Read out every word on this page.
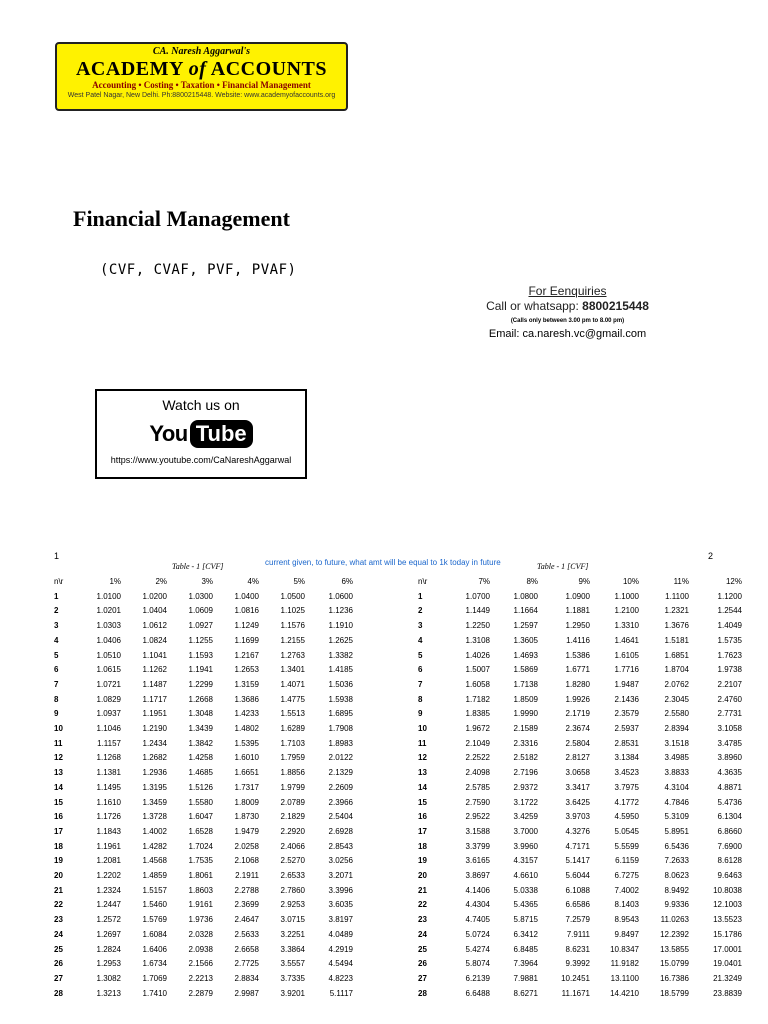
CA. Naresh Aggarwal's
ACADEMY of ACCOUNTS
Accounting • Costing • Taxation • Financial Management
West Patel Nagar, New Delhi. Ph:8800215448. Website: www.academyofaccounts.org
Financial Management
(CVF, CVAF, PVF, PVAF)
For Eenquiries
Call or whatsapp: 8800215448
(Calls only between 3.00 pm to 8.00 pm)
Email: ca.naresh.vc@gmail.com
Watch us on
You Tube
https://www.youtube.com/CaNareshAggarwal
1	2
Table - 1 [CVF]	Table - 1 [CVF]
current given, to future, what amt will be equal to 1k today in future
n\r	1%	2%	3%	4%	5%	6%
1	1.0100	1.0200	1.0300	1.0400	1.0500	1.0600
2	1.0201	1.0404	1.0609	1.0816	1.1025	1.1236
3	1.0303	1.0612	1.0927	1.1249	1.1576	1.1910
4	1.0406	1.0824	1.1255	1.1699	1.2155	1.2625
5	1.0510	1.1041	1.1593	1.2167	1.2763	1.3382
6	1.0615	1.1262	1.1941	1.2653	1.3401	1.4185
7	1.0721	1.1487	1.2299	1.3159	1.4071	1.5036
8	1.0829	1.1717	1.2668	1.3686	1.4775	1.5938
9	1.0937	1.1951	1.3048	1.4233	1.5513	1.6895
10	1.1046	1.2190	1.3439	1.4802	1.6289	1.7908
11	1.1157	1.2434	1.3842	1.5395	1.7103	1.8983
12	1.1268	1.2682	1.4258	1.6010	1.7959	2.0122
13	1.1381	1.2936	1.4685	1.6651	1.8856	2.1329
14	1.1495	1.3195	1.5126	1.7317	1.9799	2.2609
15	1.1610	1.3459	1.5580	1.8009	2.0789	2.3966
16	1.1726	1.3728	1.6047	1.8730	2.1829	2.5404
17	1.1843	1.4002	1.6528	1.9479	2.2920	2.6928
18	1.1961	1.4282	1.7024	2.0258	2.4066	2.8543
19	1.2081	1.4568	1.7535	2.1068	2.5270	3.0256
20	1.2202	1.4859	1.8061	2.1911	2.6533	3.2071
21	1.2324	1.5157	1.8603	2.2788	2.7860	3.3996
22	1.2447	1.5460	1.9161	2.3699	2.9253	3.6035
23	1.2572	1.5769	1.9736	2.4647	3.0715	3.8197
24	1.2697	1.6084	2.0328	2.5633	3.2251	4.0489
25	1.2824	1.6406	2.0938	2.6658	3.3864	4.2919
26	1.2953	1.6734	2.1566	2.7725	3.5557	4.5494
27	1.3082	1.7069	2.2213	2.8834	3.7335	4.8223
28	1.3213	1.7410	2.2879	2.9987	3.9201	5.1117
n\r	7%	8%	9%	10%	11%	12%
1	1.0700	1.0800	1.0900	1.1000	1.1100	1.1200
2	1.1449	1.1664	1.1881	1.2100	1.2321	1.2544
3	1.2250	1.2597	1.2950	1.3310	1.3676	1.4049
4	1.3108	1.3605	1.4116	1.4641	1.5181	1.5735
5	1.4026	1.4693	1.5386	1.6105	1.6851	1.7623
6	1.5007	1.5869	1.6771	1.7716	1.8704	1.9738
7	1.6058	1.7138	1.8280	1.9487	2.0762	2.2107
8	1.7182	1.8509	1.9926	2.1436	2.3045	2.4760
9	1.8385	1.9990	2.1719	2.3579	2.5580	2.7731
10	1.9672	2.1589	2.3674	2.5937	2.8394	3.1058
11	2.1049	2.3316	2.5804	2.8531	3.1518	3.4785
12	2.2522	2.5182	2.8127	3.1384	3.4985	3.8960
13	2.4098	2.7196	3.0658	3.4523	3.8833	4.3635
14	2.5785	2.9372	3.3417	3.7975	4.3104	4.8871
15	2.7590	3.1722	3.6425	4.1772	4.7846	5.4736
16	2.9522	3.4259	3.9703	4.5950	5.3109	6.1304
17	3.1588	3.7000	4.3276	5.0545	5.8951	6.8660
18	3.3799	3.9960	4.7171	5.5599	6.5436	7.6900
19	3.6165	4.3157	5.1417	6.1159	7.2633	8.6128
20	3.8697	4.6610	5.6044	6.7275	8.0623	9.6463
21	4.1406	5.0338	6.1088	7.4002	8.9492	10.8038
22	4.4304	5.4365	6.6586	8.1403	9.9336	12.1003
23	4.7405	5.8715	7.2579	8.9543	11.0263	13.5523
24	5.0724	6.3412	7.9111	9.8497	12.2392	15.1786
25	5.4274	6.8485	8.6231	10.8347	13.5855	17.0001
26	5.8074	7.3964	9.3992	11.9182	15.0799	19.0401
27	6.2139	7.9881	10.2451	13.1100	16.7386	21.3249
28	6.6488	8.6271	11.1671	14.4210	18.5799	23.8839
